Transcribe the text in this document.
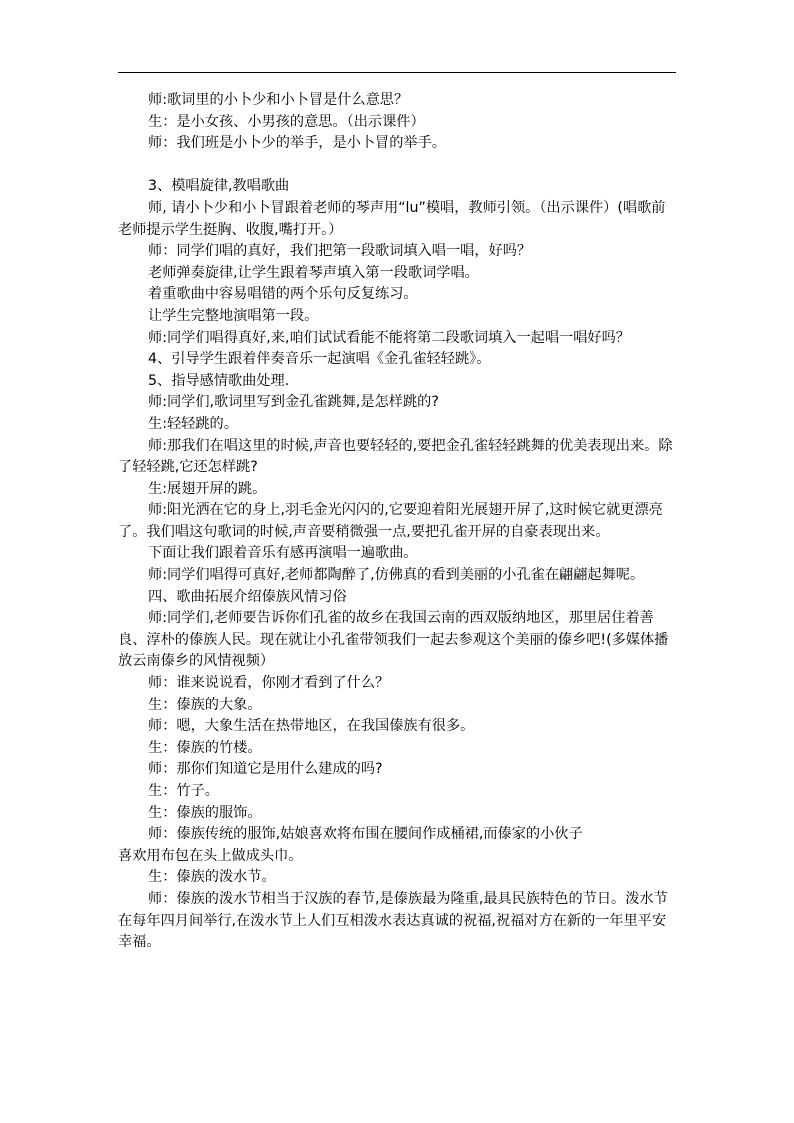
师:歌词里的小卜少和小卜冒是什么意思？

生：是小女孩、小男孩的意思。（出示课件）

师：我们班是小卜少的举手，是小卜冒的举手。

3、模唱旋律,教唱歌曲

师, 请小卜少和小卜冒跟着老师的琴声用“lu”模唱，教师引领。（出示课件）(唱歌前老师提示学生挺胸、收腹,嘴打开。）

师：同学们唱的真好，我们把第一段歌词填入唱一唱，好吗？

老师弹奏旋律,让学生跟着琴声填入第一段歌词学唱。

着重歌曲中容易唱错的两个乐句反复练习。

让学生完整地演唱第一段。

师:同学们唱得真好,来,咱们试试看能不能将第二段歌词填入一起唱一唱好吗？

4、引导学生跟着伴奏音乐一起演唱《金孔雀轻轻跳》。

5、指导感情歌曲处理.

师:同学们,歌词里写到金孔雀跳舞,是怎样跳的?

生:轻轻跳的。

师:那我们在唱这里的时候,声音也要轻轻的,要把金孔雀轻轻跳舞的优美表现出来。除了轻轻跳,它还怎样跳?

生:展翅开屏的跳。

师:阳光洒在它的身上,羽毛金光闪闪的,它要迎着阳光展翅开屏了,这时候它就更漂亮了。我们唱这句歌词的时候,声音要稍微强一点,要把孔雀开屏的自豪表现出来。

下面让我们跟着音乐有感再演唱一遍歌曲。

师:同学们唱得可真好,老师都陶醉了,仿佛真的看到美丽的小孔雀在翩翩起舞呢。

四、歌曲拓展介绍傣族风情习俗

师:同学们,老师要告诉你们孔雀的故乡在我国云南的西双版纳地区，那里居住着善良、淳朴的傣族人民。现在就让小孔雀带领我们一起去参观这个美丽的傣乡吧!(多媒体播放云南傣乡的风情视频）

师：谁来说说看，你刚才看到了什么？

生：傣族的大象。

师：嗯，大象生活在热带地区，在我国傣族有很多。

生：傣族的竹楼。

师：那你们知道它是用什么建成的吗?

生：竹子。

生：傣族的服饰。

师：傣族传统的服饰,姑娘喜欢将布围在腰间作成桶裙,而傣家的小伙子

喜欢用布包在头上做成头巾。

生：傣族的泼水节。

师：傣族的泼水节相当于汉族的春节,是傣族最为隆重,最具民族特色的节日。泼水节在每年四月间举行,在泼水节上人们互相泼水表达真诚的祝福,祝福对方在新的一年里平安幸福。
